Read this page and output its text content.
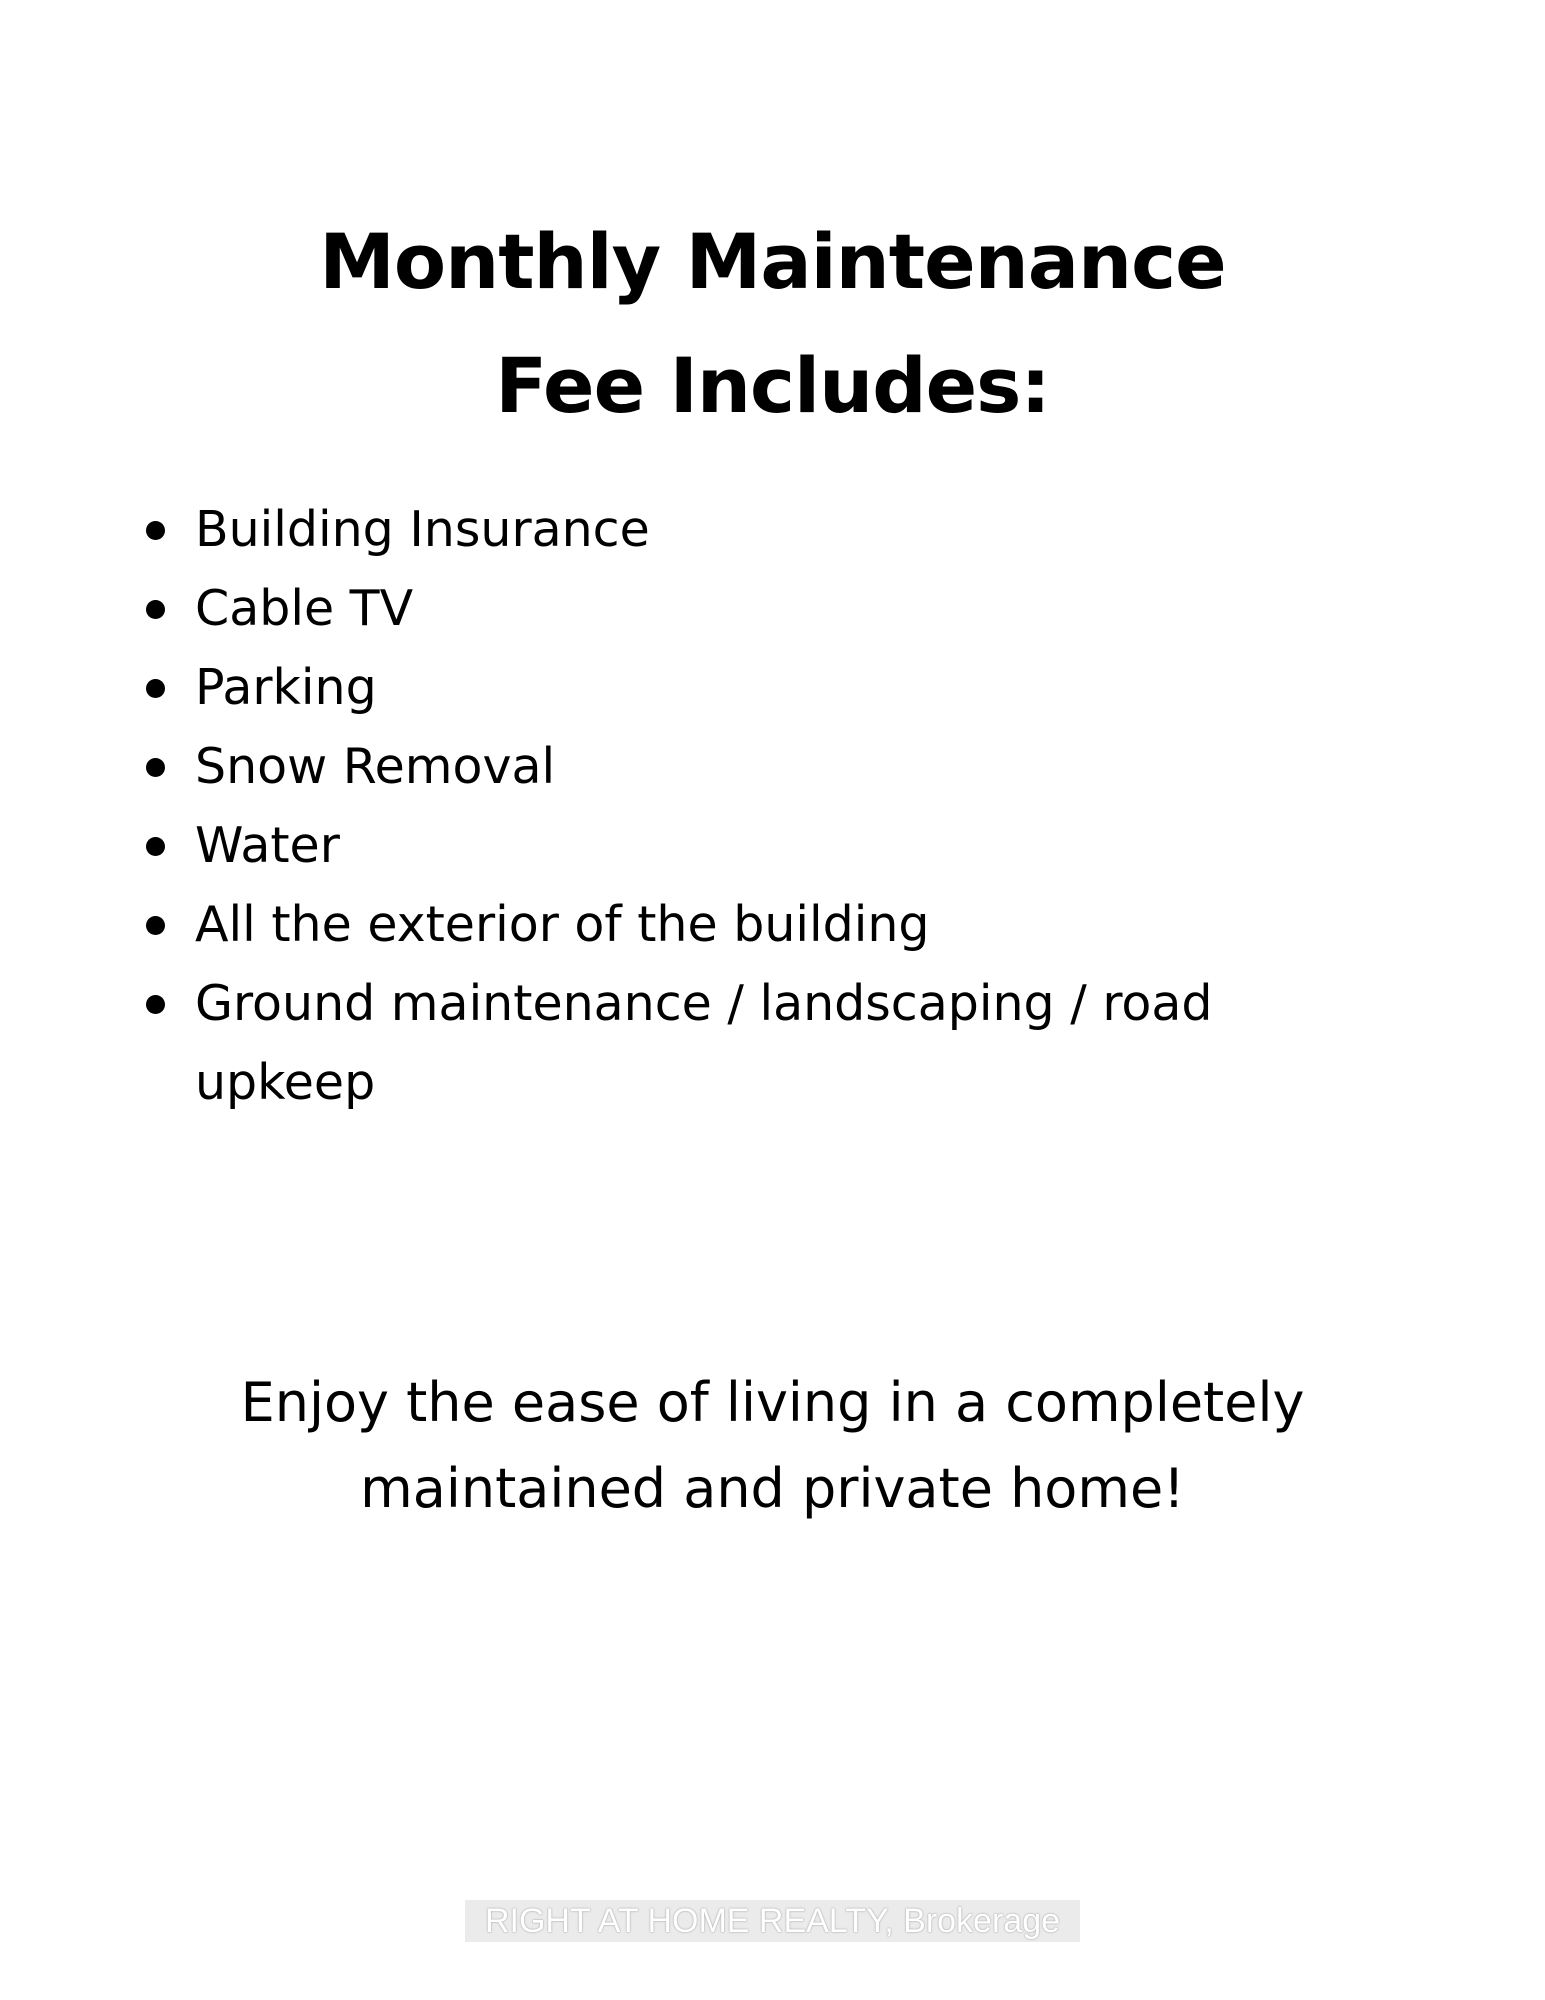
Monthly Maintenance
Fee Includes:
Building Insurance
Cable TV
Parking
Snow Removal
Water
All the exterior of the building
Ground maintenance / landscaping / road upkeep

Enjoy the ease of living in a completely
maintained and private home!

RIGHT AT HOME REALTY, Brokerage
